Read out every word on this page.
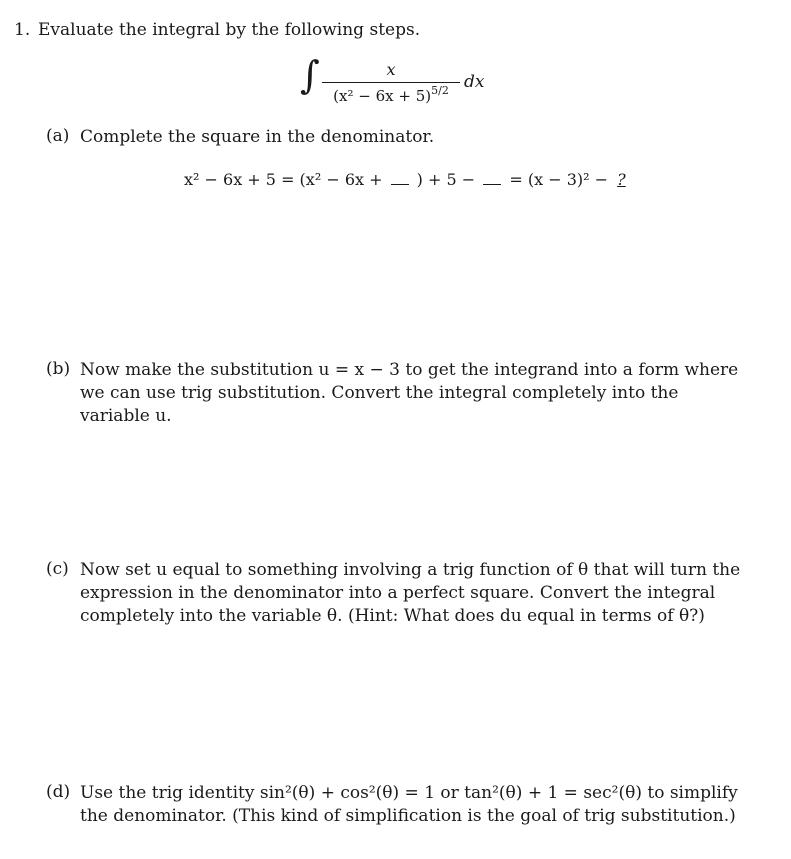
1. Evaluate the integral by the following steps.
∫	x
$(x^2 - 6x + 5)^{5/2}$ dx
(a) Complete the square in the denominator.
x² − 6x + 5 = (x² − 6x +  ) + 5 −  = (x − 3)² − ?
(b) Now make the substitution u = x − 3 to get the integrand into a form where we can use trig substitution. Convert the integral completely into the variable u.
(c) Now set u equal to something involving a trig function of θ that will turn the expression in the denominator into a perfect square. Convert the integral completely into the variable θ. (Hint: What does du equal in terms of θ?)
(d) Use the trig identity sin²(θ) + cos²(θ) = 1 or tan²(θ) + 1 = sec²(θ) to simplify the denominator. (This kind of simplification is the goal of trig substitution.)
